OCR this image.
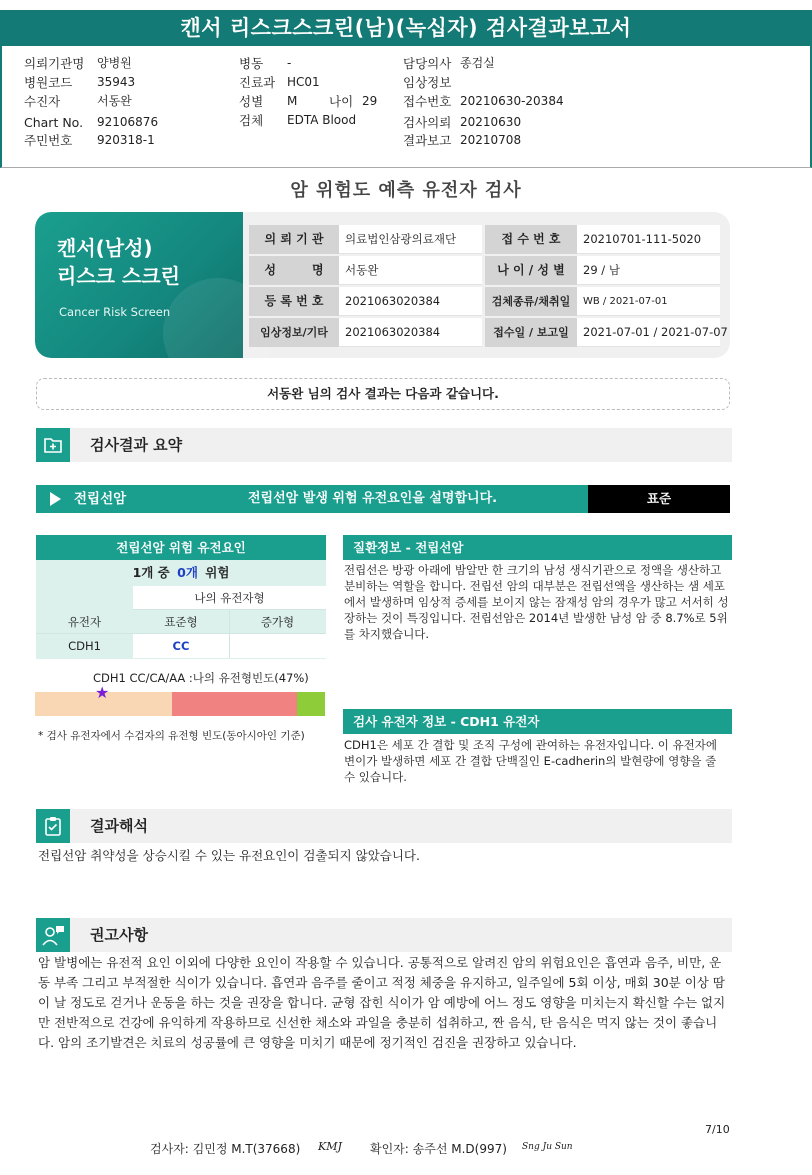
캔서 리스크스크린(남)(녹십자) 검사결과보고서
의뢰기관명 양병원
병원코드 35943
수진자	서동완
Chart No. 92106876
주민번호 920318-1
병동 -
진료과 HC01
성별 M	나이 29
검체 EDTA Blood
담당의사 종검실
임상정보
접수번호 20210630-20384
검사의뢰 20210630
결과보고 20210708
암 위험도 예측 유전자 검사
캔서(남성)
리스크 스크린
Cancer Risk Screen
의 뢰 기 관	의료법인삼광의료재단	접 수 번 호	20210701-111-5020
성　　　명	서동완	나 이 / 성 별	29 / 남
등 록 번 호	2021063020384	검체종류/채취일	WB / 2021-07-01
임상정보/기타	2021063020384	접수일 / 보고일	2021-07-01 / 2021-07-07
서동완 님의 검사 결과는 다음과 같습니다.
검사결과 요약
전립선암	전립선암 발생 위험 유전요인을 설명합니다.	표준
전립선암 위험 유전요인
1개 중 0개 위험
나의 유전자형
유전자	표준형	증가형
CDH1	CC
CDH1 CC/CA/AA :나의 유전형빈도(47%)
★
* 검사 유전자에서 수검자의 유전형 빈도(동아시아인 기준)
질환정보 - 전립선암
전립선은 방광 아래에 밤알만 한 크기의 남성 생식기관으로 정액을 생산하고 분비하는 역할을 합니다. 전립선 암의 대부분은 전립선액을 생산하는 샘 세포에서 발생하며 임상적 증세를 보이지 않는 잠재성 암의 경우가 많고 서서히 성장하는 것이 특징입니다. 전립선암은 2014년 발생한 남성 암 중 8.7%로 5위를 차지했습니다.
검사 유전자 정보 - CDH1 유전자
CDH1은 세포 간 결합 및 조직 구성에 관여하는 유전자입니다. 이 유전자에 변이가 발생하면 세포 간 결합 단백질인 E-cadherin의 발현량에 영향을 줄 수 있습니다.
결과해석
전립선암 취약성을 상승시킬 수 있는 유전요인이 검출되지 않았습니다.
권고사항
암 발병에는 유전적 요인 이외에 다양한 요인이 작용할 수 있습니다. 공통적으로 알려진 암의 위험요인은 흡연과 음주, 비만, 운동 부족 그리고 부적절한 식이가 있습니다. 흡연과 음주를 줄이고 적정 체중을 유지하고, 일주일에 5회 이상, 매회 30분 이상 땀이 날 정도로 걷거나 운동을 하는 것을 권장을 합니다. 균형 잡힌 식이가 암 예방에 어느 정도 영향을 미치는지 확신할 수는 없지만 전반적으로 건강에 유익하게 작용하므로 신선한 채소와 과일을 충분히 섭취하고, 짠 음식, 탄 음식은 먹지 않는 것이 좋습니다. 암의 조기발견은 치료의 성공률에 큰 영향을 미치기 때문에 정기적인 검진을 권장하고 있습니다.
7/10
검사자: 김민정 M.T(37668) KMJ 확인자: 송주선 M.D(997) Sng Ju Sun
